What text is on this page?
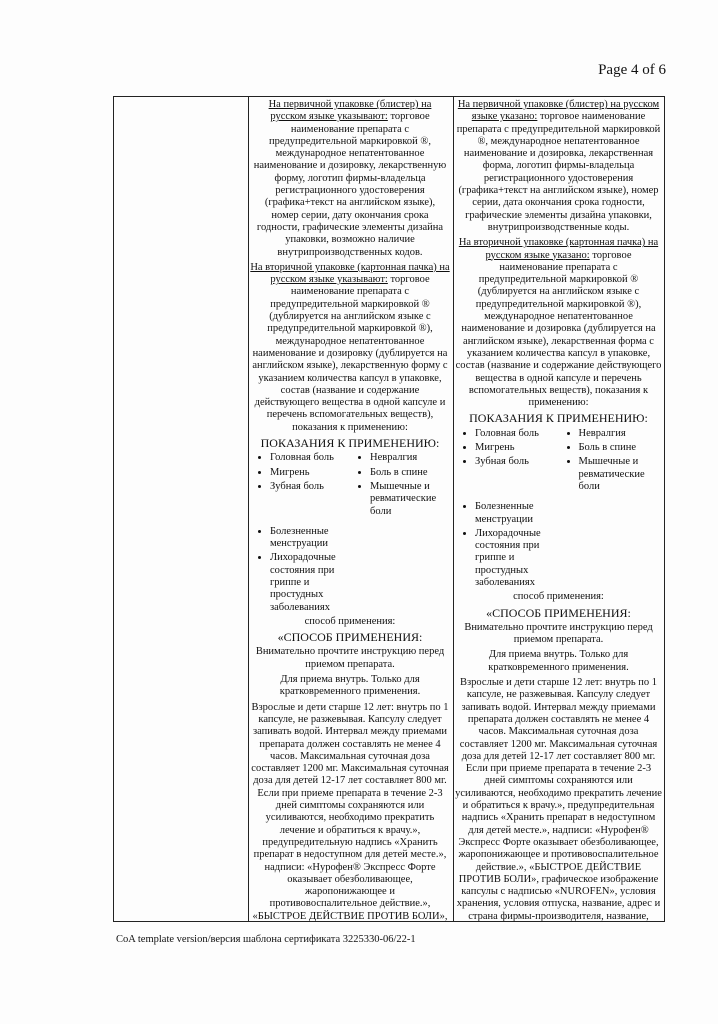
Page 4 of 6

На первичной упаковке (блистер) на русском языке указывают: торговое наименование препарата с предупредительной маркировкой ®, международное непатентованное наименование и дозировку, лекарственную форму, логотип фирмы-владельца регистрационного удостоверения (графика+текст на английском языке), номер серии, дату окончания срока годности, графические элементы дизайна упаковки, возможно наличие внутрипроизводственных кодов.

На вторичной упаковке (картонная пачка) на русском языке указывают: торговое наименование препарата с предупредительной маркировкой ® (дублируется на английском языке с предупредительной маркировкой ®), международное непатентованное наименование и дозировку (дублируется на английском языке), лекарственную форму с указанием количества капсул в упаковке, состав (название и содержание действующего вещества в одной капсуле и перечень вспомогательных веществ), показания к применению:

ПОКАЗАНИЯ К ПРИМЕНЕНИЮ:
• Головная боль
• Мигрень
• Зубная боль
• Невралгия
• Боль в спине
• Мышечные и ревматические боли
• Болезненные менструации
• Лихорадочные состояния при гриппе и простудных заболеваниях

способ применения:

«СПОСОБ ПРИМЕНЕНИЯ:

Внимательно прочтите инструкцию перед приемом препарата.

Для приема внутрь. Только для кратковременного применения.

Взрослые и дети старше 12 лет: внутрь по 1 капсуле, не разжевывая. Капсулу следует запивать водой. Интервал между приемами препарата должен составлять не менее 4 часов. Максимальная суточная доза составляет 1200 мг. Максимальная суточная доза для детей 12-17 лет составляет 800 мг. Если при приеме препарата в течение 2-3 дней симптомы сохраняются или усиливаются, необходимо прекратить лечение и обратиться к врачу.», предупредительную надпись «Хранить препарат в недоступном для детей месте.», надписи: «Нурофен® Экспресс Форте оказывает обезболивающее, жаропонижающее и противовоспалительное действие.», «БЫСТРОЕ ДЕЙСТВИЕ ПРОТИВ БОЛИ»,

На первичной упаковке (блистер) на русском языке указано: торговое наименование препарата с предупредительной маркировкой ®, международное непатентованное наименование и дозировка, лекарственная форма, логотип фирмы-владельца регистрационного удостоверения (графика+текст на английском языке), номер серии, дата окончания срока годности, графические элементы дизайна упаковки, внутрипроизводственные коды.

На вторичной упаковке (картонная пачка) на русском языке указано: торговое наименование препарата с предупредительной маркировкой ® (дублируется на английском языке с предупредительной маркировкой ®), международное непатентованное наименование и дозировка (дублируется на английском языке), лекарственная форма с указанием количества капсул в упаковке, состав (название и содержание действующего вещества в одной капсуле и перечень вспомогательных веществ), показания к применению:

ПОКАЗАНИЯ К ПРИМЕНЕНИЮ:
• Головная боль
• Мигрень
• Зубная боль
• Невралгия
• Боль в спине
• Мышечные и ревматические боли
• Болезненные менструации
• Лихорадочные состояния при гриппе и простудных заболеваниях

способ применения:

«СПОСОБ ПРИМЕНЕНИЯ:

Внимательно прочтите инструкцию перед приемом препарата.

Для приема внутрь. Только для кратковременного применения.

Взрослые и дети старше 12 лет: внутрь по 1 капсуле, не разжевывая. Капсулу следует запивать водой. Интервал между приемами препарата должен составлять не менее 4 часов. Максимальная суточная доза составляет 1200 мг. Максимальная суточная доза для детей 12-17 лет составляет 800 мг. Если при приеме препарата в течение 2-3 дней симптомы сохраняются или усиливаются, необходимо прекратить лечение и обратиться к врачу.», предупредительная надпись «Хранить препарат в недоступном для детей месте.», надписи: «Нурофен® Экспресс Форте оказывает обезболивающее, жаропонижающее и противовоспалительное действие.», «БЫСТРОЕ ДЕЙСТВИЕ ПРОТИВ БОЛИ», графическое изображение капсулы с надписью «NUROFEN», условия хранения, условия отпуска, название, адрес и страна фирмы-производителя, название,

CoA template version/версия шаблона сертификата 3225330-06/22-1
